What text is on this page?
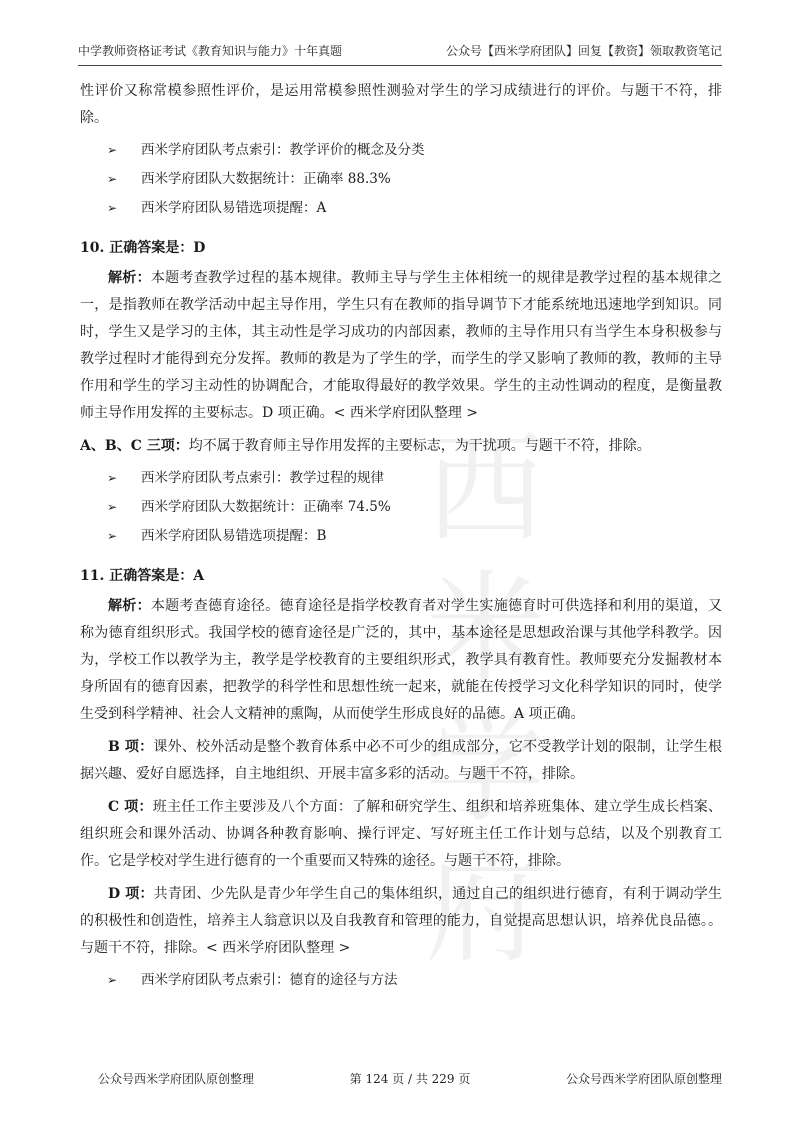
中学教师资格证考试《教育知识与能力》十年真题	公众号【西米学府团队】回复【教资】领取教资笔记
西米
学府

性评价又称常模参照性评价，是运用常模参照性测验对学生的学习成绩进行的评价。与题干不符，排除。

➢	西米学府团队考点索引：教学评价的概念及分类
➢	西米学府团队大数据统计：正确率 88.3%
➢	西米学府团队易错选项提醒：A
10. 正确答案是：D

解析：本题考查教学过程的基本规律。教师主导与学生主体相统一的规律是教学过程的基本规律之一，是指教师在教学活动中起主导作用，学生只有在教师的指导调节下才能系统地迅速地学到知识。同时，学生又是学习的主体，其主动性是学习成功的内部因素，教师的主导作用只有当学生本身积极参与教学过程时才能得到充分发挥。教师的教是为了学生的学，而学生的学又影响了教师的教，教师的主导作用和学生的学习主动性的协调配合，才能取得最好的教学效果。学生的主动性调动的程度，是衡量教师主导作用发挥的主要标志。D 项正确。< 西米学府团队整理 >

A、B、C 三项：均不属于教育师主导作用发挥的主要标志，为干扰项。与题干不符，排除。

➢	西米学府团队考点索引：教学过程的规律
➢	西米学府团队大数据统计：正确率 74.5%
➢	西米学府团队易错选项提醒：B
11. 正确答案是：A

解析：本题考查德育途径。德育途径是指学校教育者对学生实施德育时可供选择和利用的渠道，又称为德育组织形式。我国学校的德育途径是广泛的，其中，基本途径是思想政治课与其他学科教学。因为，学校工作以教学为主，教学是学校教育的主要组织形式，教学具有教育性。教师要充分发掘教材本身所固有的德育因素，把教学的科学性和思想性统一起来，就能在传授学习文化科学知识的同时，使学生受到科学精神、社会人文精神的熏陶，从而使学生形成良好的品德。A 项正确。

B 项：课外、校外活动是整个教育体系中必不可少的组成部分，它不受教学计划的限制，让学生根据兴趣、爱好自愿选择，自主地组织、开展丰富多彩的活动。与题干不符，排除。

C 项：班主任工作主要涉及八个方面：了解和研究学生、组织和培养班集体、建立学生成长档案、组织班会和课外活动、协调各种教育影响、操行评定、写好班主任工作计划与总结，以及个别教育工作。它是学校对学生进行德育的一个重要而又特殊的途径。与题干不符，排除。

D 项：共青团、少先队是青少年学生自己的集体组织，通过自己的组织进行德育，有利于调动学生的积极性和创造性，培养主人翁意识以及自我教育和管理的能力，自觉提高思想认识，培养优良品德。。与题干不符，排除。< 西米学府团队整理 >

➢	西米学府团队考点索引：德育的途径与方法
公众号西米学府团队原创整理	第 124 页 / 共 229 页	公众号西米学府团队原创整理
